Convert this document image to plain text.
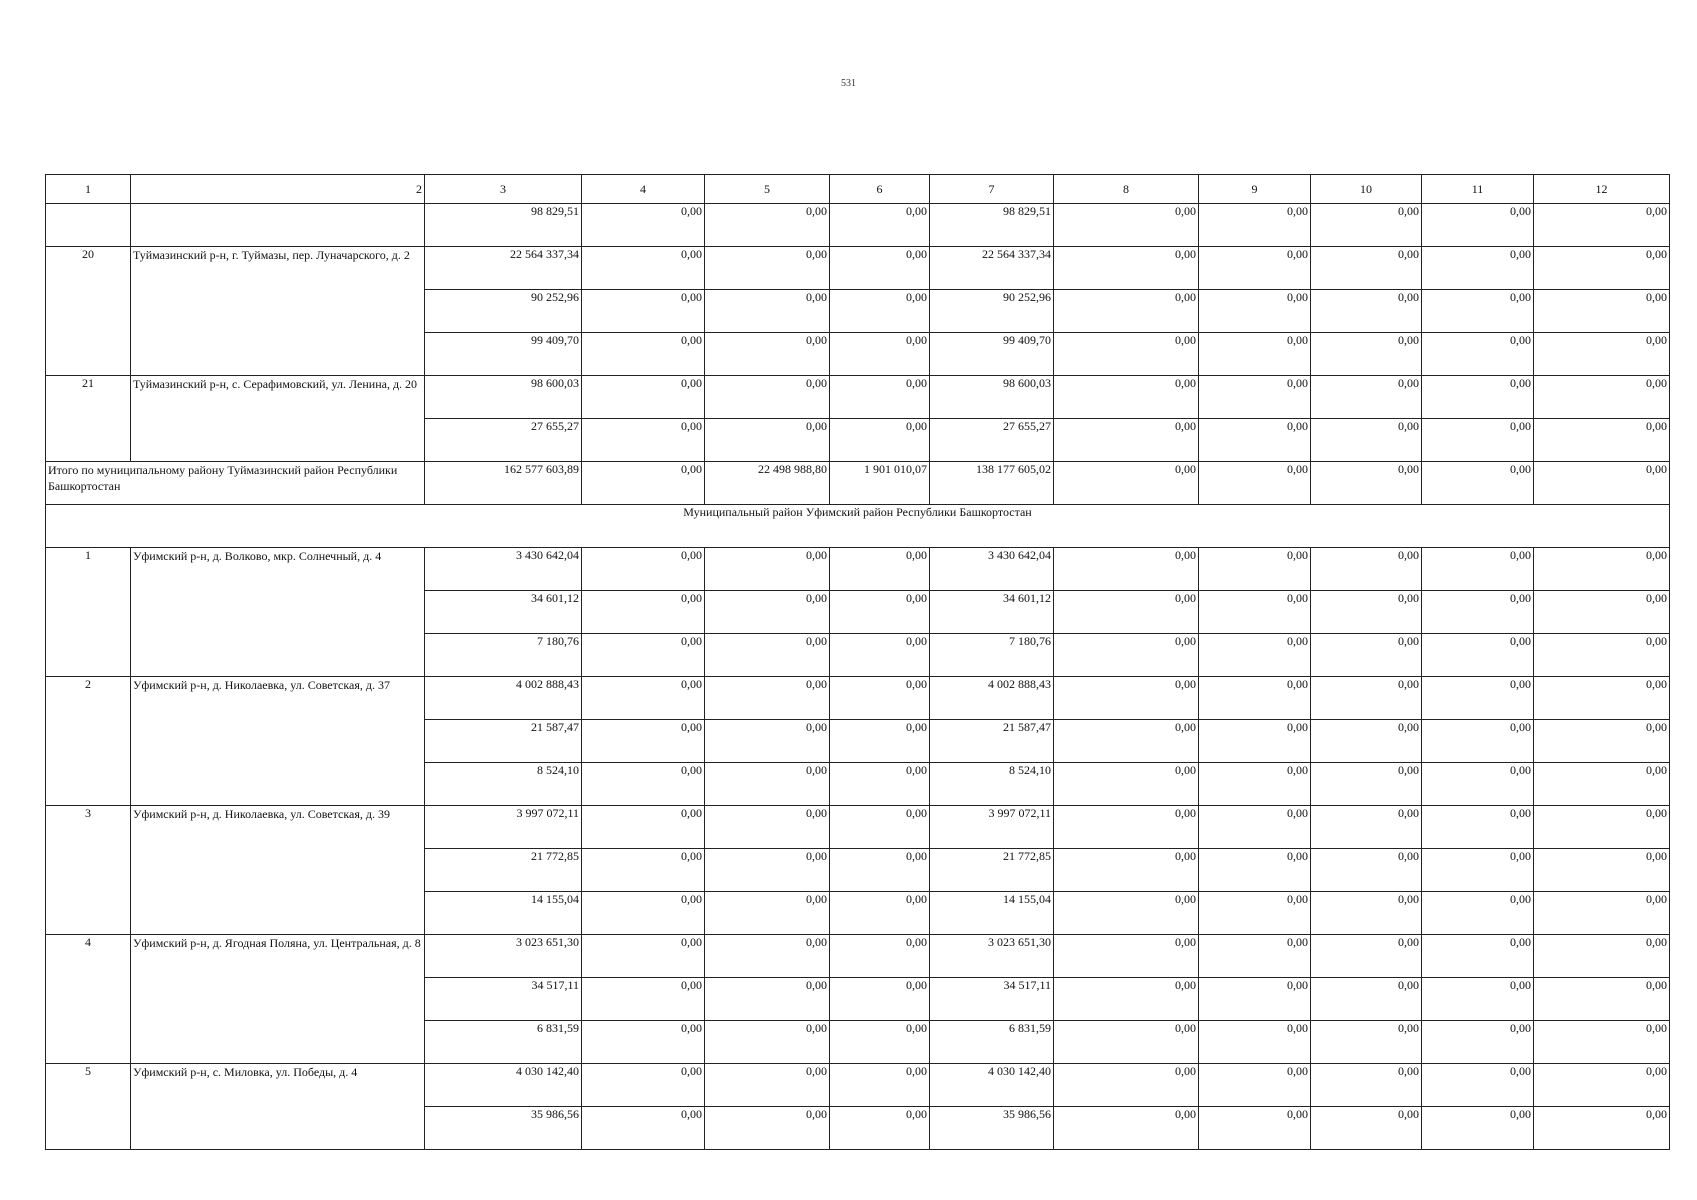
531
1	2	3	4	5	6	7	8	9	10	11	12
		98 829,51	0,00	0,00	0,00	98 829,51	0,00	0,00	0,00	0,00	0,00
20	Туймазинский р-н, г. Туймазы, пер. Луначарского, д. 2	22 564 337,34	0,00	0,00	0,00	22 564 337,34	0,00	0,00	0,00	0,00	0,00
		90 252,96	0,00	0,00	0,00	90 252,96	0,00	0,00	0,00	0,00	0,00
		99 409,70	0,00	0,00	0,00	99 409,70	0,00	0,00	0,00	0,00	0,00
21	Туймазинский р-н, с. Серафимовский, ул. Ленина, д. 20	98 600,03	0,00	0,00	0,00	98 600,03	0,00	0,00	0,00	0,00	0,00
		27 655,27	0,00	0,00	0,00	27 655,27	0,00	0,00	0,00	0,00	0,00
Итого по муниципальному району Туймазинский район Республики Башкортостан		162 577 603,89	0,00	22 498 988,80	1 901 010,07	138 177 605,02	0,00	0,00	0,00	0,00	0,00
Муниципальный район Уфимский район Республики Башкортостан											
1	Уфимский р-н, д. Волково, мкр. Солнечный, д. 4	3 430 642,04	0,00	0,00	0,00	3 430 642,04	0,00	0,00	0,00	0,00	0,00
		34 601,12	0,00	0,00	0,00	34 601,12	0,00	0,00	0,00	0,00	0,00
		7 180,76	0,00	0,00	0,00	7 180,76	0,00	0,00	0,00	0,00	0,00
2	Уфимский р-н, д. Николаевка, ул. Советская, д. 37	4 002 888,43	0,00	0,00	0,00	4 002 888,43	0,00	0,00	0,00	0,00	0,00
		21 587,47	0,00	0,00	0,00	21 587,47	0,00	0,00	0,00	0,00	0,00
		8 524,10	0,00	0,00	0,00	8 524,10	0,00	0,00	0,00	0,00	0,00
3	Уфимский р-н, д. Николаевка, ул. Советская, д. 39	3 997 072,11	0,00	0,00	0,00	3 997 072,11	0,00	0,00	0,00	0,00	0,00
		21 772,85	0,00	0,00	0,00	21 772,85	0,00	0,00	0,00	0,00	0,00
		14 155,04	0,00	0,00	0,00	14 155,04	0,00	0,00	0,00	0,00	0,00
4	Уфимский р-н, д. Ягодная Поляна, ул. Центральная, д. 8	3 023 651,30	0,00	0,00	0,00	3 023 651,30	0,00	0,00	0,00	0,00	0,00
		34 517,11	0,00	0,00	0,00	34 517,11	0,00	0,00	0,00	0,00	0,00
		6 831,59	0,00	0,00	0,00	6 831,59	0,00	0,00	0,00	0,00	0,00
5	Уфимский р-н, с. Миловка, ул. Победы, д. 4	4 030 142,40	0,00	0,00	0,00	4 030 142,40	0,00	0,00	0,00	0,00	0,00
		35 986,56	0,00	0,00	0,00	35 986,56	0,00	0,00	0,00	0,00	0,00
